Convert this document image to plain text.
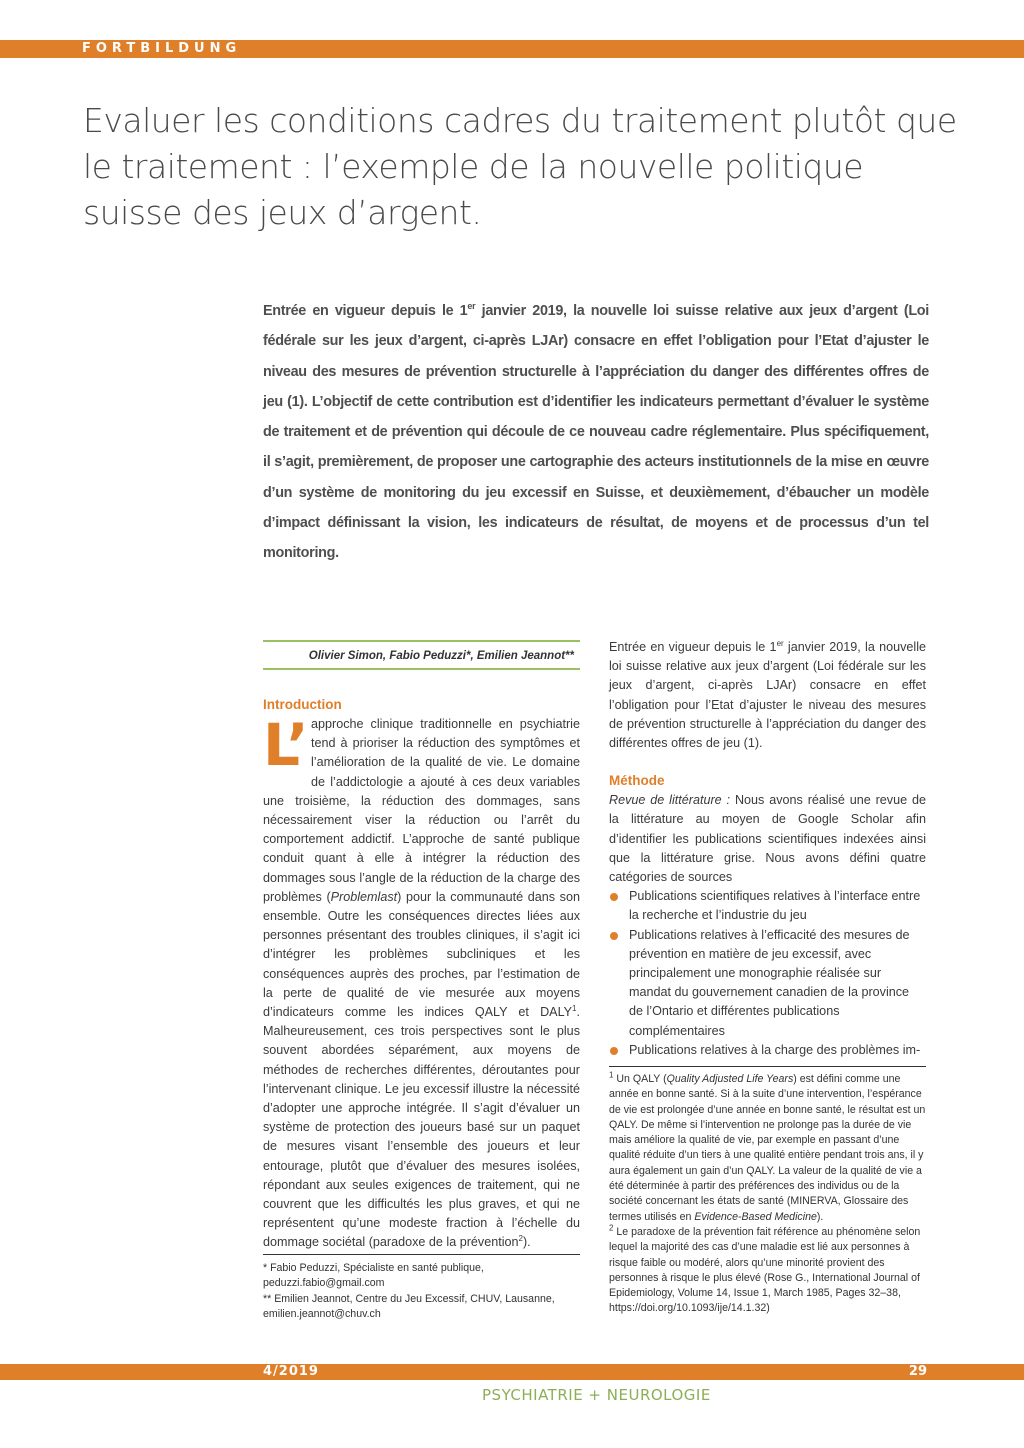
FORTBILDUNG
Evaluer les conditions cadres du traitement plutôt que le traitement : l’exemple de la nouvelle politique suisse des jeux d’argent.

Entrée en vigueur depuis le 1er janvier 2019, la nouvelle loi suisse relative aux jeux d’argent (Loi fédérale sur les jeux d’argent, ci-après LJAr) consacre en effet l’obligation pour l’Etat d’ajuster le niveau des mesures de prévention structurelle à l’appréciation du danger des différentes offres de jeu (1). L’objectif de cette contribution est d’identifier les indicateurs permettant d’évaluer le système de traitement et de prévention qui découle de ce nouveau cadre réglementaire. Plus spécifiquement, il s’agit, premièrement, de proposer une cartographie des acteurs institutionnels de la mise en œuvre d’un système de monitoring du jeu excessif en Suisse, et deuxièmement, d’ébaucher un modèle d’impact définissant la vision, les indicateurs de résultat, de moyens et de processus d’un tel monitoring.

Olivier Simon, Fabio Peduzzi*, Emilien Jeannot**
Introduction

L’ approche clinique traditionnelle en psychiatrie tend à prioriser la réduction des symptômes et l’amélioration de la qualité de vie. Le domaine de l’addictologie a ajouté à ces deux variables une troisième, la réduction des dommages, sans nécessairement viser la réduction ou l’arrêt du comportement addictif. L’approche de santé publique conduit quant à elle à intégrer la réduction des dommages sous l’angle de la réduction de la charge des problèmes (Problemlast) pour la communauté dans son ensemble. Outre les conséquences directes liées aux personnes présentant des troubles cliniques, il s’agit ici d’intégrer les problèmes subcliniques et les conséquences auprès des proches, par l’estimation de la perte de qualité de vie mesurée aux moyens d’indicateurs comme les indices QALY et DALY$^1$. Malheureusement, ces trois perspectives sont le plus souvent abordées séparément, aux moyens de méthodes de recherches différentes, déroutantes pour l’intervenant clinique. Le jeu excessif illustre la nécessité d’adopter une approche intégrée. Il s’agit d’évaluer un système de protection des joueurs basé sur un paquet de mesures visant l’ensemble des joueurs et leur entourage, plutôt que d’évaluer des mesures isolées, répondant aux seules exigences de traitement, qui ne couvrent que les difficultés les plus graves, et qui ne représentent qu’une modeste fraction à l’échelle du dommage sociétal (paradoxe de la prévention$^2$).

* Fabio Peduzzi, Spécialiste en santé publique,
peduzzi.fabio@gmail.com
** Emilien Jeannot, Centre du Jeu Excessif, CHUV, Lausanne,
emilien.jeannot@chuv.ch

Entrée en vigueur depuis le 1er janvier 2019, la nouvelle loi suisse relative aux jeux d’argent (Loi fédérale sur les jeux d’argent, ci-après LJAr) consacre en effet l’obligation pour l’Etat d’ajuster le niveau des mesures de prévention structurelle à l’appréciation du danger des différentes offres de jeu (1).

Méthode

Revue de littérature : Nous avons réalisé une revue de la littérature au moyen de Google Scholar afin d’identifier les publications scientifiques indexées ainsi que la littérature grise. Nous avons défini quatre catégories de sources

Publications scientifiques relatives à l’interface entre la recherche et l’industrie du jeu
Publications relatives à l’efficacité des mesures de prévention en matière de jeu excessif, avec principalement une monographie réalisée sur mandat du gouvernement canadien de la province de l’Ontario et différentes publications complémentaires
Publications relatives à la charge des problèmes im-

$^1$ Un QALY (Quality Adjusted Life Years) est défini comme une année en bonne santé. Si à la suite d’une intervention, l’espérance de vie est prolongée d’une année en bonne santé, le résultat est un QALY. De même si l’intervention ne prolonge pas la durée de vie mais améliore la qualité de vie, par exemple en passant d’une qualité réduite d’un tiers à une qualité entière pendant trois ans, il y aura également un gain d’un QALY. La valeur de la qualité de vie a été déterminée à partir des préférences des individus ou de la société concernant les états de santé (MINERVA, Glossaire des termes utilisés en Evidence-Based Medicine).

$^2$ Le paradoxe de la prévention fait référence au phénomène selon lequel la majorité des cas d’une maladie est lié aux personnes à risque faible ou modéré, alors qu’une minorité provient des personnes à risque le plus élevé (Rose G., International Journal of Epidemiology, Volume 14, Issue 1, March 1985, Pages 32–38, https://doi.org/10.1093/ije/14.1.32)

4/2019	29
PSYCHIATRIE + NEUROLOGIE
